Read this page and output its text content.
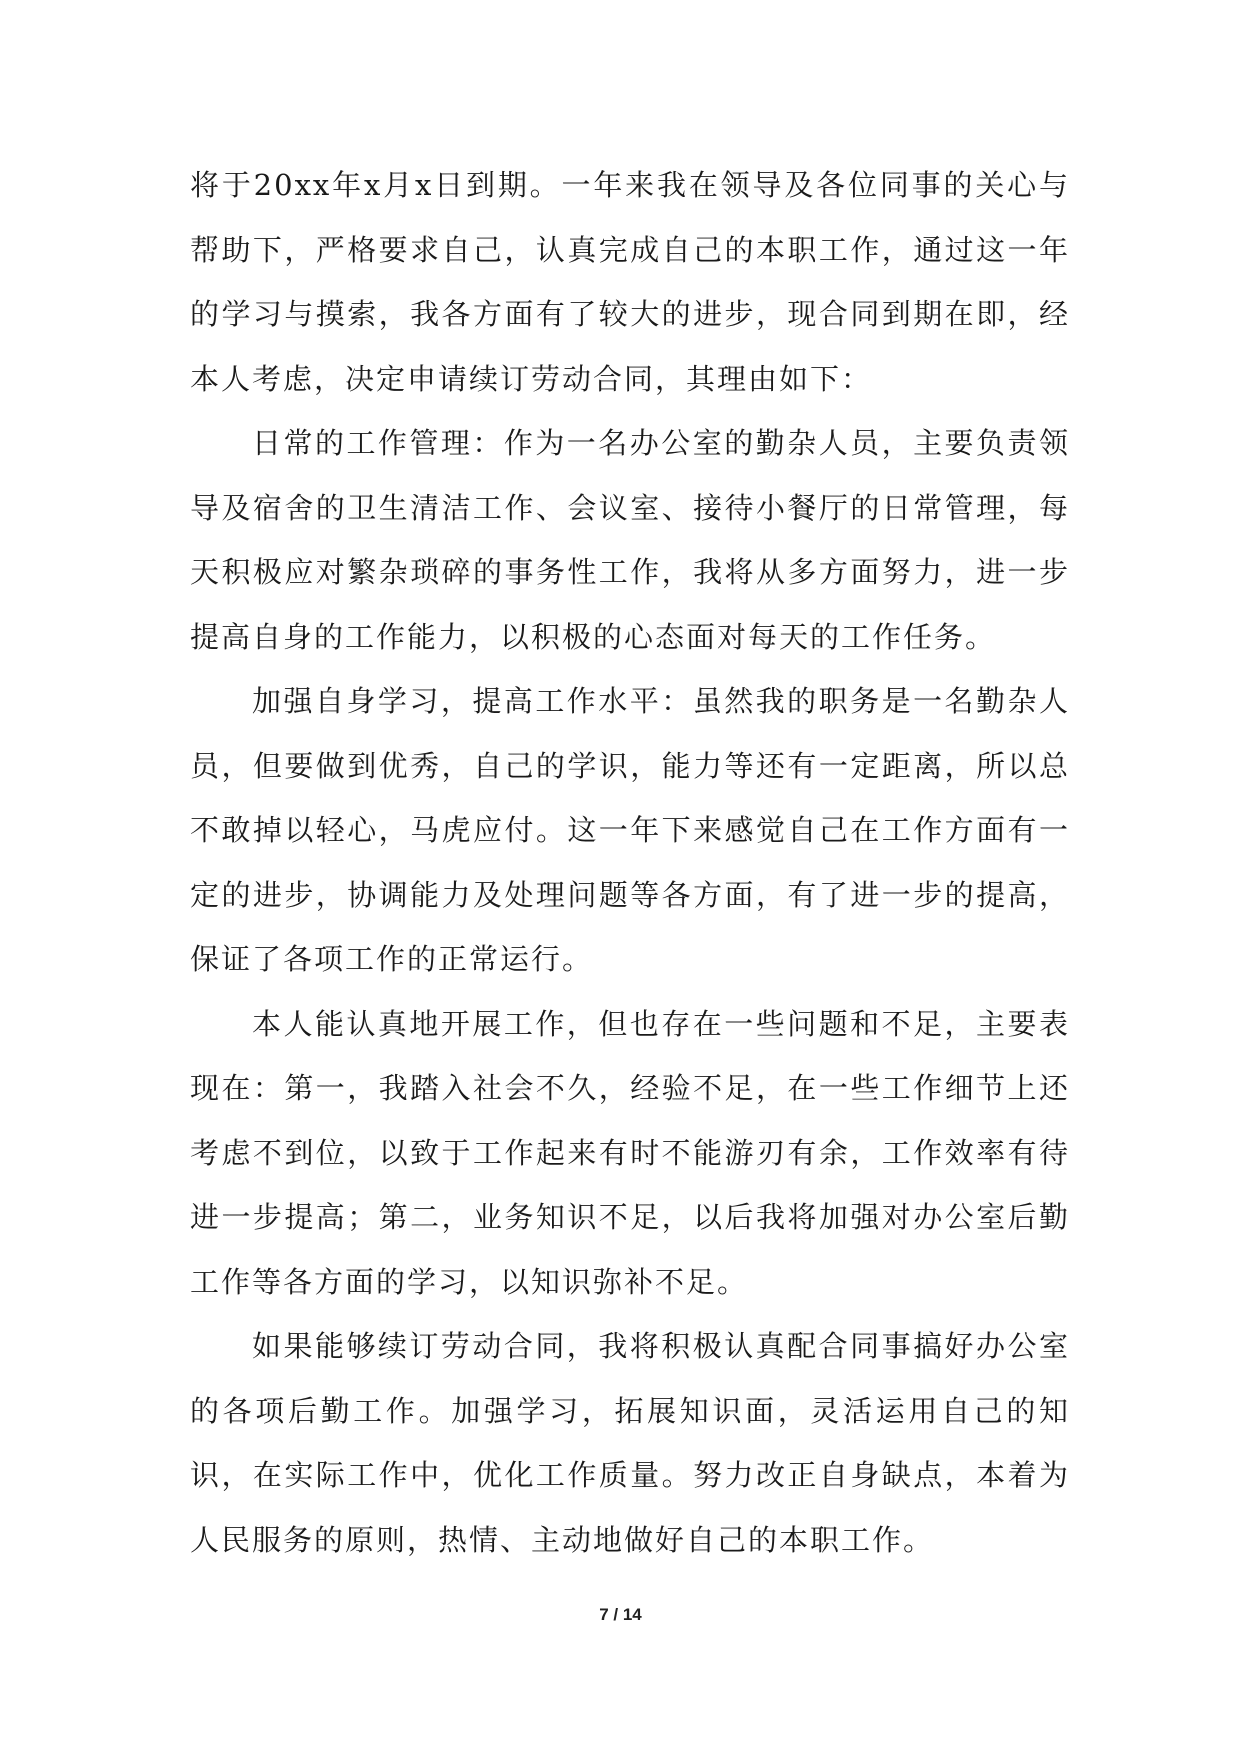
将于20xx年x月x日到期。一年来我在领导及各位同事的关心与帮助下，严格要求自己，认真完成自己的本职工作，通过这一年的学习与摸索，我各方面有了较大的进步，现合同到期在即，经本人考虑，决定申请续订劳动合同，其理由如下：

日常的工作管理：作为一名办公室的勤杂人员，主要负责领导及宿舍的卫生清洁工作、会议室、接待小餐厅的日常管理，每天积极应对繁杂琐碎的事务性工作，我将从多方面努力，进一步提高自身的工作能力，以积极的心态面对每天的工作任务。

加强自身学习，提高工作水平：虽然我的职务是一名勤杂人员，但要做到优秀，自己的学识，能力等还有一定距离，所以总不敢掉以轻心，马虎应付。这一年下来感觉自己在工作方面有一定的进步，协调能力及处理问题等各方面，有了进一步的提高，保证了各项工作的正常运行。

本人能认真地开展工作，但也存在一些问题和不足，主要表现在：第一，我踏入社会不久，经验不足，在一些工作细节上还考虑不到位，以致于工作起来有时不能游刃有余，工作效率有待进一步提高；第二，业务知识不足，以后我将加强对办公室后勤工作等各方面的学习，以知识弥补不足。

如果能够续订劳动合同，我将积极认真配合同事搞好办公室的各项后勤工作。加强学习，拓展知识面，灵活运用自己的知识，在实际工作中，优化工作质量。努力改正自身缺点，本着为人民服务的原则，热情、主动地做好自己的本职工作。

7 / 14
